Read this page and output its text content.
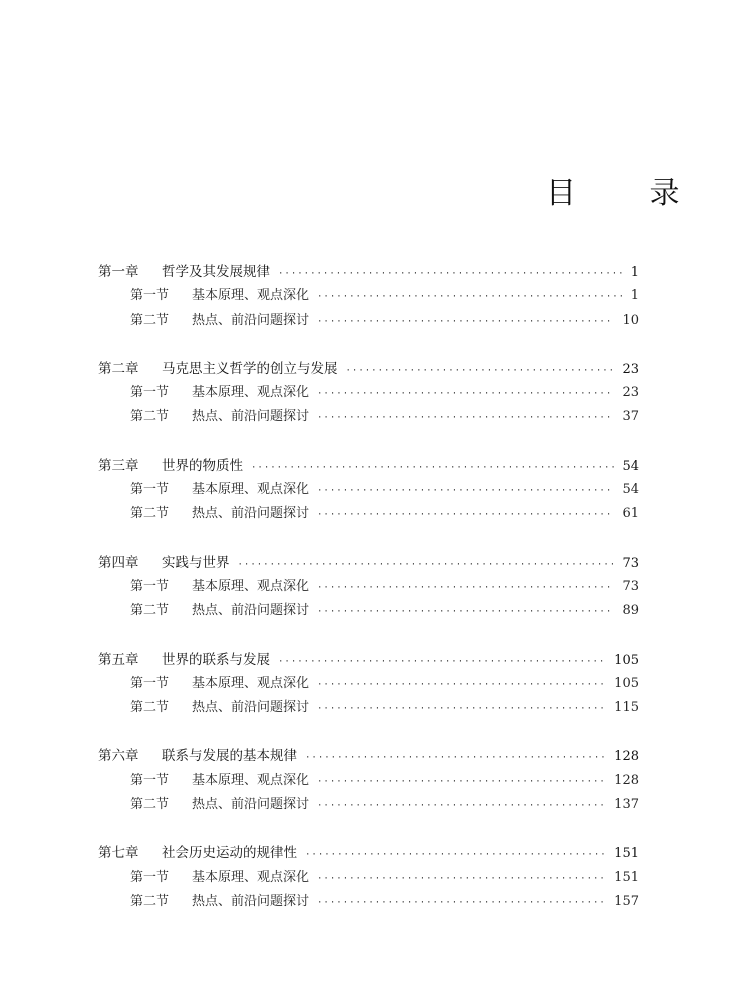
目 录
第一章	哲学及其发展规律 ·····	1
第一节	基本原理、观点深化 ·····	1
第二节	热点、前沿问题探讨 ·····	10
第二章	马克思主义哲学的创立与发展 ·····	23
第一节	基本原理、观点深化 ·····	23
第二节	热点、前沿问题探讨 ·····	37
第三章	世界的物质性 ·····	54
第一节	基本原理、观点深化 ·····	54
第二节	热点、前沿问题探讨 ·····	61
第四章	实践与世界 ·····	73
第一节	基本原理、观点深化 ·····	73
第二节	热点、前沿问题探讨 ·····	89
第五章	世界的联系与发展 ·····	105
第一节	基本原理、观点深化 ·····	105
第二节	热点、前沿问题探讨 ·····	115
第六章	联系与发展的基本规律 ·····	128
第一节	基本原理、观点深化 ·····	128
第二节	热点、前沿问题探讨 ·····	137
第七章	社会历史运动的规律性 ·····	151
第一节	基本原理、观点深化 ·····	151
第二节	热点、前沿问题探讨 ·····	157
